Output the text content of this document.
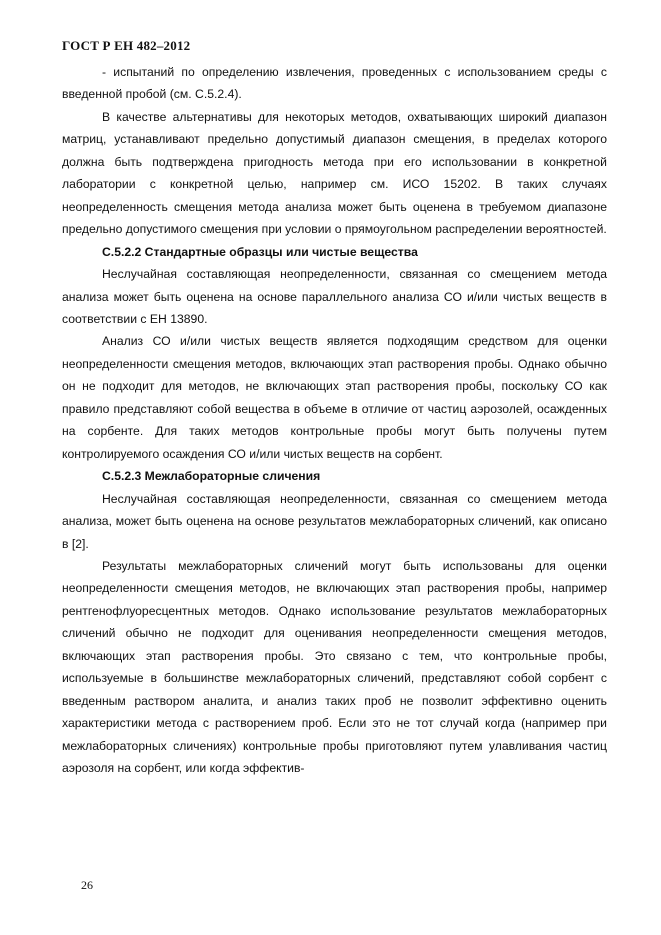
ГОСТ Р ЕН 482–2012

- испытаний по определению извлечения, проведенных с использованием среды с введенной пробой (см. С.5.2.4).

В качестве альтернативы для некоторых методов, охватывающих широкий диапазон матриц, устанавливают предельно допустимый диапазон смещения, в пределах которого должна быть подтверждена пригодность метода при его использовании в конкретной лаборатории с конкретной целью, например см. ИСО 15202. В таких случаях неопределенность смещения метода анализа может быть оценена в требуемом диапазоне предельно допустимого смещения при условии о прямоугольном распределении вероятностей.

С.5.2.2 Стандартные образцы или чистые вещества

Неслучайная составляющая неопределенности, связанная со смещением метода анализа может быть оценена на основе параллельного анализа СО и/или чистых веществ в соответствии с ЕН 13890.

Анализ СО и/или чистых веществ является подходящим средством для оценки неопределенности смещения методов, включающих этап растворения пробы. Однако обычно он не подходит для методов, не включающих этап растворения пробы, поскольку СО как правило представляют собой вещества в объеме в отличие от частиц аэрозолей, осажденных на сорбенте. Для таких методов контрольные пробы могут быть получены путем контролируемого осаждения СО и/или чистых веществ на сорбент.

С.5.2.3 Межлабораторные сличения

Неслучайная составляющая неопределенности, связанная со смещением метода анализа, может быть оценена на основе результатов межлабораторных сличений, как описано в [2].

Результаты межлабораторных сличений могут быть использованы для оценки неопределенности смещения методов, не включающих этап растворения пробы, например рентгенофлуоресцентных методов. Однако использование результатов межлабораторных сличений обычно не подходит для оценивания неопределенности смещения методов, включающих этап растворения пробы. Это связано с тем, что контрольные пробы, используемые в большинстве межлабораторных сличений, представляют собой сорбент с введенным раствором аналита, и анализ таких проб не позволит эффективно оценить характеристики метода с растворением проб. Если это не тот случай когда (например при межлабораторных сличениях) контрольные пробы приготовляют путем улавливания частиц аэрозоля на сорбент, или когда эффектив-

26
